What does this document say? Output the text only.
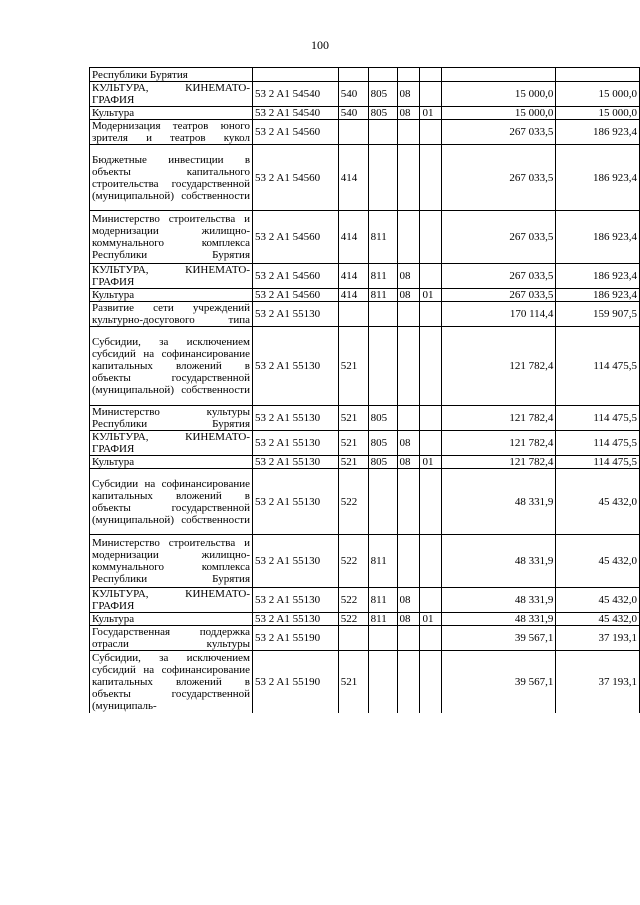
100
Республики Бурятия							
КУЛЬТУРА, КИНЕМАТО-ГРАФИЯ	53 2 A1 54540	540	805	08		15 000,0	15 000,0
Культура	53 2 A1 54540	540	805	08	01	15 000,0	15 000,0
Модернизация театров юного зрителя и театров кукол	53 2 A1 54560					267 033,5	186 923,4
Бюджетные инвестиции в объекты капитального строительства государственной (муниципальной) собственности	53 2 A1 54560	414				267 033,5	186 923,4
Министерство строительства и модернизации жилищно-коммунального комплекса Республики Бурятия	53 2 A1 54560	414	811			267 033,5	186 923,4
КУЛЬТУРА, КИНЕМАТО-ГРАФИЯ	53 2 A1 54560	414	811	08		267 033,5	186 923,4
Культура	53 2 A1 54560	414	811	08	01	267 033,5	186 923,4
Развитие сети учреждений культурно-досугового типа	53 2 A1 55130					170 114,4	159 907,5
Субсидии, за исключением субсидий на софинансирование капитальных вложений в объекты государственной (муниципальной) собственности	53 2 A1 55130	521				121 782,4	114 475,5
Министерство культуры Республики Бурятия	53 2 A1 55130	521	805			121 782,4	114 475,5
КУЛЬТУРА, КИНЕМАТО-ГРАФИЯ	53 2 A1 55130	521	805	08		121 782,4	114 475,5
Культура	53 2 A1 55130	521	805	08	01	121 782,4	114 475,5
Субсидии на софинансирование капитальных вложений в объекты государственной (муниципальной) собственности	53 2 A1 55130	522				48 331,9	45 432,0
Министерство строительства и модернизации жилищно-коммунального комплекса Республики Бурятия	53 2 A1 55130	522	811			48 331,9	45 432,0
КУЛЬТУРА, КИНЕМАТО-ГРАФИЯ	53 2 A1 55130	522	811	08		48 331,9	45 432,0
Культура	53 2 A1 55130	522	811	08	01	48 331,9	45 432,0
Государственная поддержка отрасли культуры	53 2 A1 55190					39 567,1	37 193,1
Субсидии, за исключением субсидий на софинансирование капитальных вложений в объекты государственной (муниципаль-	53 2 A1 55190	521				39 567,1	37 193,1
